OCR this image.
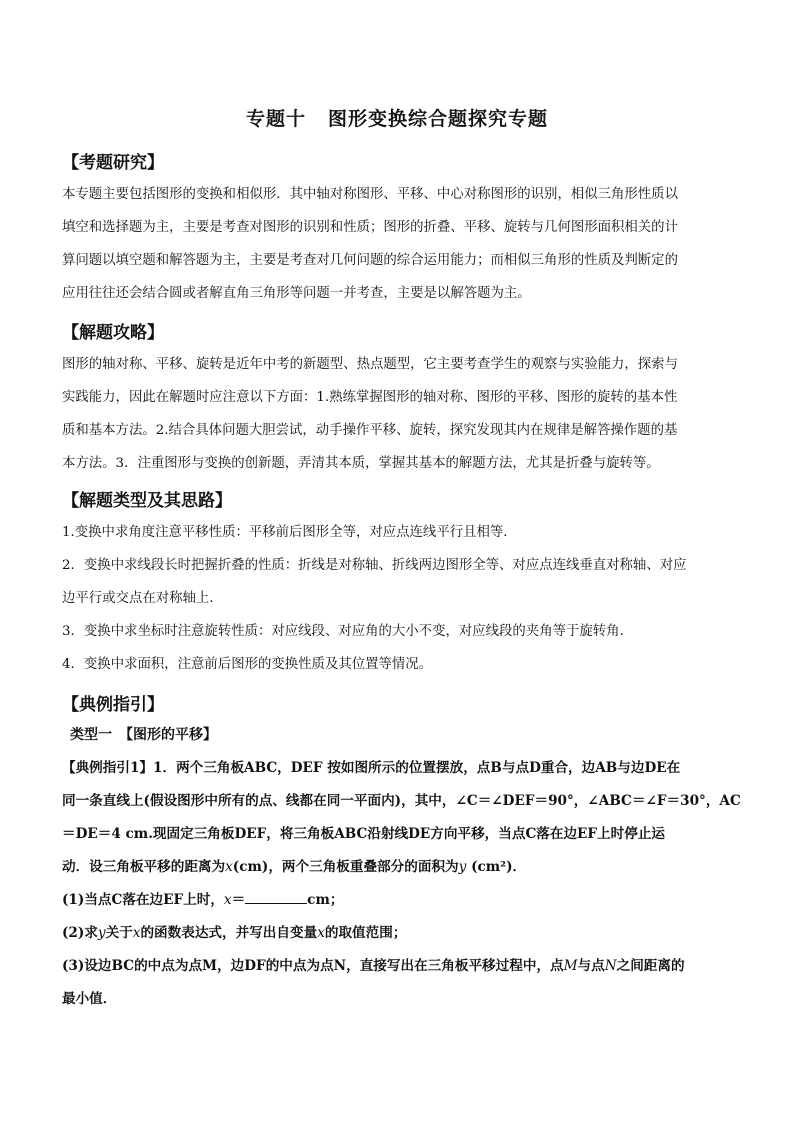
专题十 图形变换综合题探究专题
【考题研究】
本专题主要包括图形的变换和相似形．其中轴对称图形、平移、中心对称图形的识别，相似三角形性质以
填空和选择题为主，主要是考查对图形的识别和性质；图形的折叠、平移、旋转与几何图形面积相关的计
算问题以填空题和解答题为主，主要是考查对几何问题的综合运用能力；而相似三角形的性质及判断定的
应用往往还会结合圆或者解直角三角形等问题一并考查，主要是以解答题为主。
【解题攻略】
图形的轴对称、平移、旋转是近年中考的新题型、热点题型，它主要考查学生的观察与实验能力，探索与
实践能力，因此在解题时应注意以下方面：1.熟练掌握图形的轴对称、图形的平移、图形的旋转的基本性
质和基本方法。2.结合具体问题大胆尝试，动手操作平移、旋转，探究发现其内在规律是解答操作题的基
本方法。3．注重图形与变换的创新题，弄清其本质，掌握其基本的解题方法，尤其是折叠与旋转等。
【解题类型及其思路】
1.变换中求角度注意平移性质：平移前后图形全等，对应点连线平行且相等．
2．变换中求线段长时把握折叠的性质：折线是对称轴、折线两边图形全等、对应点连线垂直对称轴、对应
边平行或交点在对称轴上．
3．变换中求坐标时注意旋转性质：对应线段、对应角的大小不变，对应线段的夹角等于旋转角.
4．变换中求面积，注意前后图形的变换性质及其位置等情况。
【典例指引】
类型一　【图形的平移】
【典例指引1】1．两个三角板ABC，DEF 按如图所示的位置摆放，点B与点D重合，边AB与边DE在
同一条直线上(假设图形中所有的点、线都在同一平面内)，其中，∠C＝∠DEF＝90°，∠ABC＝∠F＝30°，AC
＝DE＝4 cm.现固定三角板DEF，将三角板ABC沿射线DE方向平移，当点C落在边EF上时停止运
动．设三角板平移的距离为x(cm)，两个三角板重叠部分的面积为y (cm²)．
(1)当点C落在边EF上时，x＝	cm；
(2)求y关于x的函数表达式，并写出自变量x的取值范围；
(3)设边BC的中点为点M，边DF的中点为点N，直接写出在三角板平移过程中，点M与点N之间距离的
最小值．
